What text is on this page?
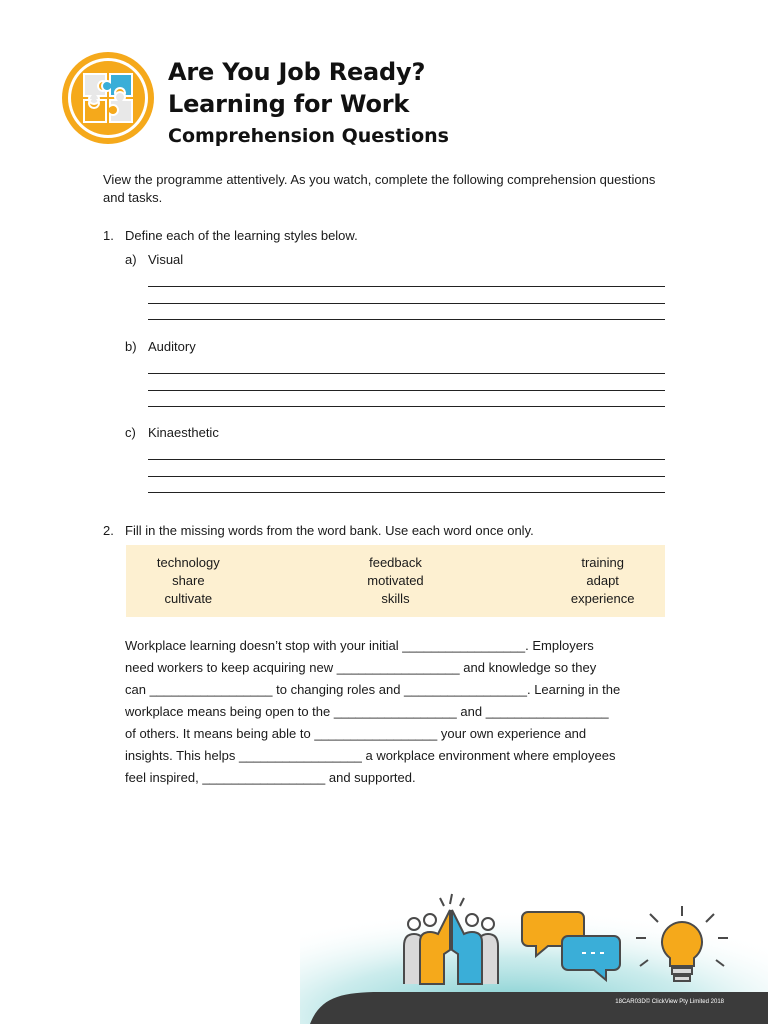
Are You Job Ready?
Learning for Work
Comprehension Questions
View the programme attentively. As you watch, complete the following comprehension questions and tasks.
1. Define each of the learning styles below.
a) Visual
b) Auditory
c) Kinaesthetic
2. Fill in the missing words from the word bank. Use each word once only.
technology
share
cultivate
feedback
motivated
skills
training
adapt
experience

Workplace learning doesn’t stop with your initial _________________. Employers

need workers to keep acquiring new _________________ and knowledge so they

can _________________ to changing roles and _________________. Learning in the

workplace means being open to the _________________ and _________________

of others. It means being able to _________________ your own experience and

insights. This helps _________________ a workplace environment where employees

feel inspired, _________________ and supported.

18CAR03D© ClickView Pty Limited 2018
